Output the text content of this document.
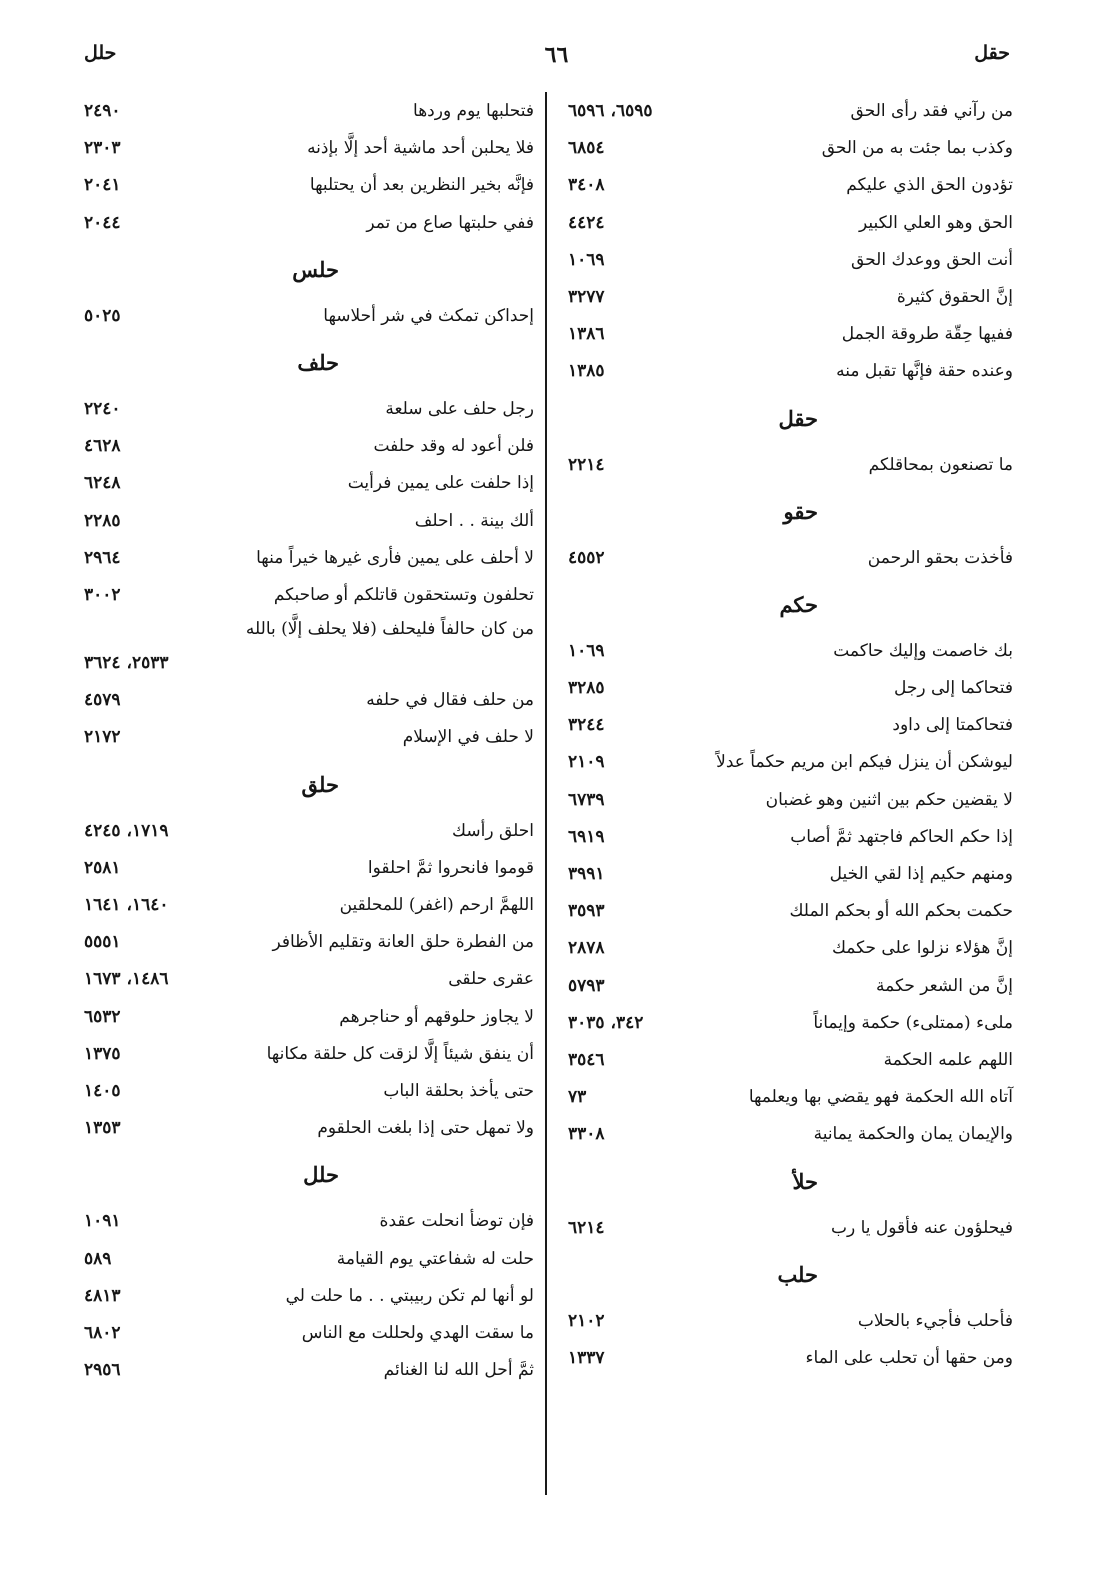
حقل
٦٦
حلل
من رآني فقد رأى الحق
٦٥٩٥، ٦٥٩٦
وكذب بما جئت به من الحق
٦٨٥٤
تؤدون الحق الذي عليكم
٣٤٠٨
الحق وهو العلي الكبير
٤٤٢٤
أنت الحق ووعدك الحق
١٠٦٩
إنَّ الحقوق كثيرة
٣٢٧٧
ففيها حِقّة طروقة الجمل
١٣٨٦
وعنده حقة فإنَّها تقبل منه
١٣٨٥
حقل
ما تصنعون بمحاقلكم
٢٢١٤
حقو
فأخذت بحقو الرحمن
٤٥٥٢
حكم
بك خاصمت وإليك حاكمت
١٠٦٩
فتحاكما إلى رجل
٣٢٨٥
فتحاكمتا إلى داود
٣٢٤٤
ليوشكن أن ينزل فيكم ابن مريم حكماً عدلاً
٢١٠٩
لا يقضين حكم بين اثنين وهو غضبان
٦٧٣٩
إذا حكم الحاكم فاجتهد ثمَّ أصاب
٦٩١٩
ومنهم حكيم إذا لقي الخيل
٣٩٩١
حكمت بحكم الله أو بحكم الملك
٣٥٩٣
إنَّ هؤلاء نزلوا على حكمك
٢٨٧٨
إنَّ من الشعر حكمة
٥٧٩٣
ملىء (ممتلىء) حكمة وإيماناً
٣٤٢، ٣٠٣٥
اللهم علمه الحكمة
٣٥٤٦
آتاه الله الحكمة فهو يقضي بها ويعلمها
٧٣
والإيمان يمان والحكمة يمانية
٣٣٠٨
حلأ
فيحلؤون عنه فأقول يا رب
٦٢١٤
حلب
فأحلب فأجيء بالحلاب
٢١٠٢
ومن حقها أن تحلب على الماء
١٣٣٧
فتحلبها يوم وردها
٢٤٩٠
فلا يحلبن أحد ماشية أحد إلَّا بإذنه
٢٣٠٣
فإنَّه بخير النظرين بعد أن يحتلبها
٢٠٤١
ففي حلبتها صاع من تمر
٢٠٤٤
حلس
إحداكن تمكث في شر أحلاسها
٥٠٢٥
حلف
رجل حلف على سلعة
٢٢٤٠
فلن أعود له وقد حلفت
٤٦٢٨
إذا حلفت على يمين فرأيت
٦٢٤٨
ألك بينة . . احلف
٢٢٨٥
لا أحلف على يمين فأرى غيرها خيراً منها
٢٩٦٤
تحلفون وتستحقون قاتلكم أو صاحبكم
٣٠٠٢
من كان حالفاً فليحلف (فلا يحلف إلَّا) بالله
٢٥٣٣، ٣٦٢٤
من حلف فقال في حلفه
٤٥٧٩
لا حلف في الإسلام
٢١٧٢
حلق
احلق رأسك
١٧١٩، ٤٢٤٥
قوموا فانحروا ثمَّ احلقوا
٢٥٨١
اللهمَّ ارحم (اغفر) للمحلقين
١٦٤٠، ١٦٤١
من الفطرة حلق العانة وتقليم الأظافر
٥٥٥١
عقرى حلقى
١٤٨٦، ١٦٧٣
لا يجاوز حلوقهم أو حناجرهم
٦٥٣٢
أن ينفق شيئاً إلَّا لزقت كل حلقة مكانها
١٣٧٥
حتى يأخذ بحلقة الباب
١٤٠٥
ولا تمهل حتى إذا بلغت الحلقوم
١٣٥٣
حلل
فإن توضأ انحلت عقدة
١٠٩١
حلت له شفاعتي يوم القيامة
٥٨٩
لو أنها لم تكن ربيبتي . . ما حلت لي
٤٨١٣
ما سقت الهدي ولحللت مع الناس
٦٨٠٢
ثمَّ أحل الله لنا الغنائم
٢٩٥٦
